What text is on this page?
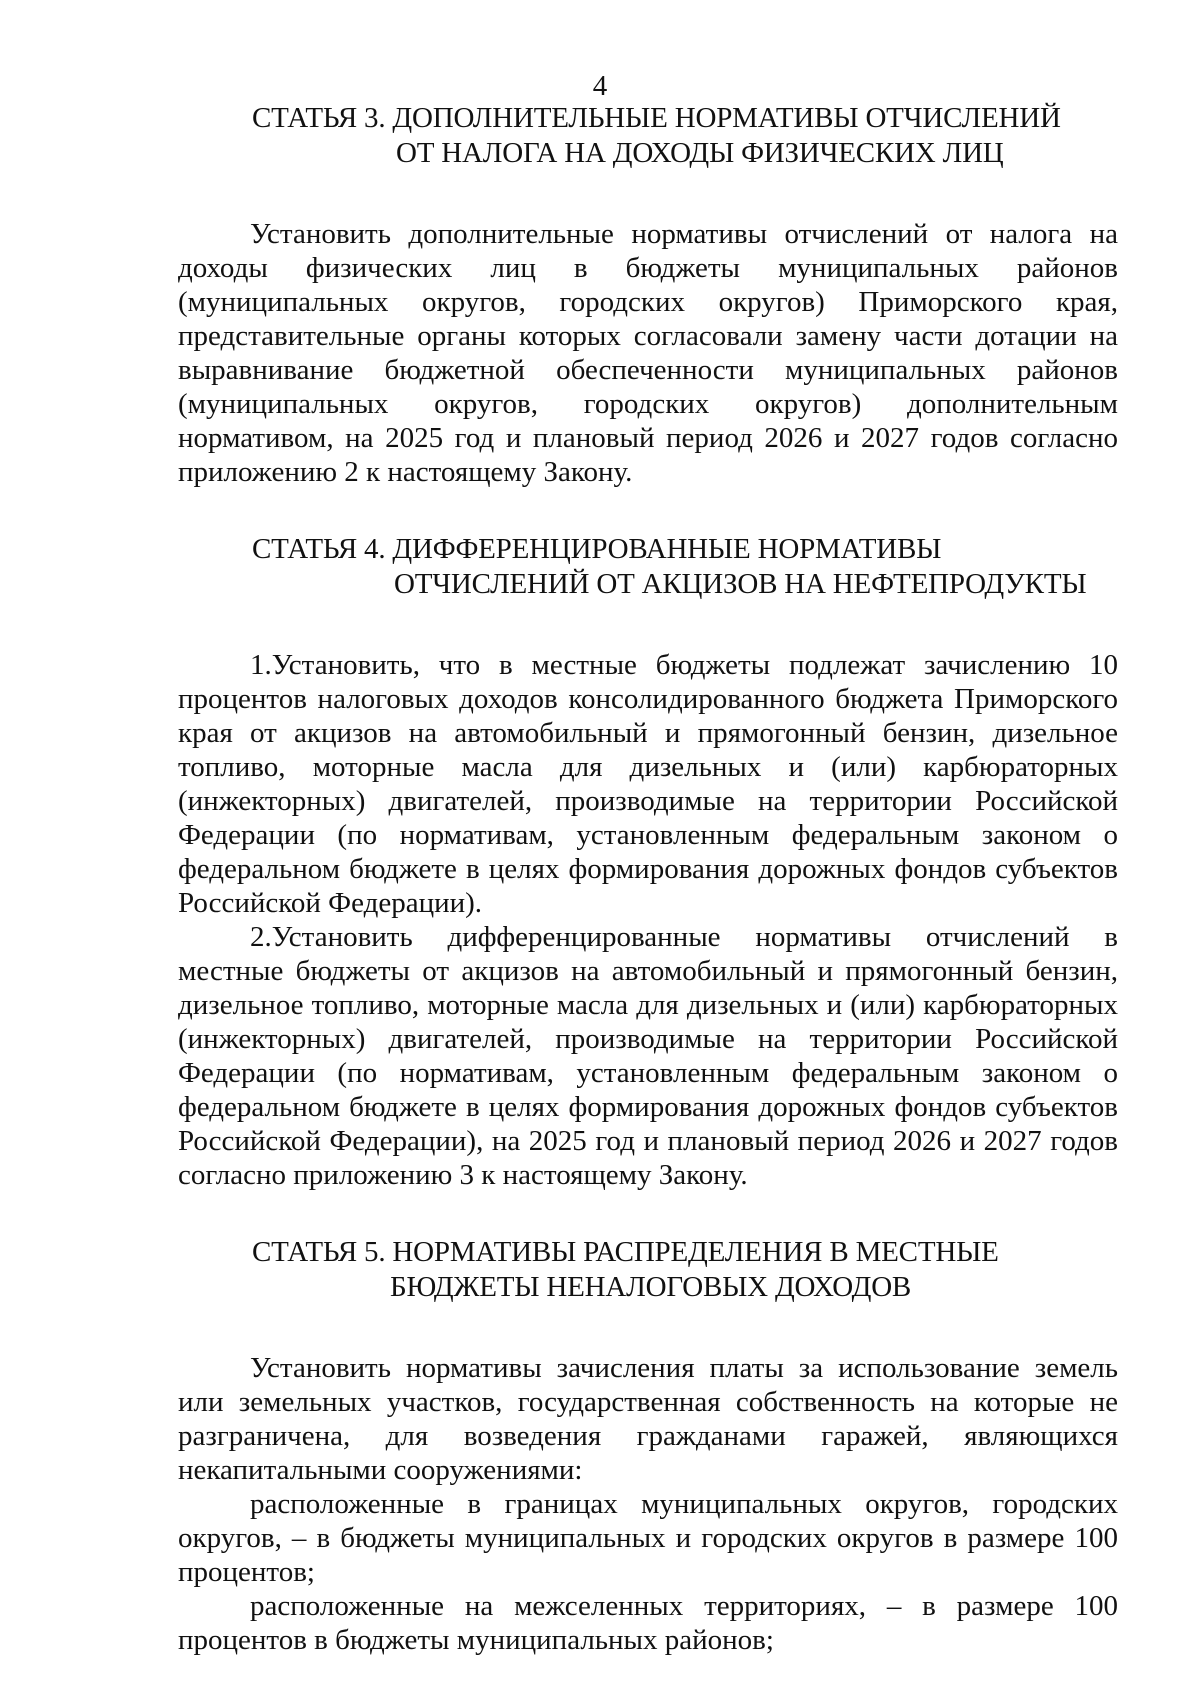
4
СТАТЬЯ 3. ДОПОЛНИТЕЛЬНЫЕ НОРМАТИВЫ ОТЧИСЛЕНИЙ
ОТ НАЛОГА НА ДОХОДЫ ФИЗИЧЕСКИХ ЛИЦ

Установить дополнительные нормативы отчислений от налога на доходы физических лиц в бюджеты муниципальных районов (муниципальных округов, городских округов) Приморского края, представительные органы которых согласовали замену части дотации на выравнивание бюджетной обеспеченности муниципальных районов (муниципальных округов, городских округов) дополнительным нормативом, на 2025 год и плановый период 2026 и 2027 годов согласно приложению 2 к настоящему Закону.

СТАТЬЯ 4. ДИФФЕРЕНЦИРОВАННЫЕ НОРМАТИВЫ
ОТЧИСЛЕНИЙ ОТ АКЦИЗОВ НА НЕФТЕПРОДУКТЫ

1.Установить, что в местные бюджеты подлежат зачислению 10 процентов налоговых доходов консолидированного бюджета Приморского края от акцизов на автомобильный и прямогонный бензин, дизельное топливо, моторные масла для дизельных и (или) карбюраторных (инжекторных) двигателей, производимые на территории Российской Федерации (по нормативам, установленным федеральным законом о федеральном бюджете в целях формирования дорожных фондов субъектов Российской Федерации).

2.Установить дифференцированные нормативы отчислений в местные бюджеты от акцизов на автомобильный и прямогонный бензин, дизельное топливо, моторные масла для дизельных и (или) карбюраторных (инжекторных) двигателей, производимые на территории Российской Федерации (по нормативам, установленным федеральным законом о федеральном бюджете в целях формирования дорожных фондов субъектов Российской Федерации), на 2025 год и плановый период 2026 и 2027 годов согласно приложению 3 к настоящему Закону.

СТАТЬЯ 5. НОРМАТИВЫ РАСПРЕДЕЛЕНИЯ В МЕСТНЫЕ
БЮДЖЕТЫ НЕНАЛОГОВЫХ ДОХОДОВ

Установить нормативы зачисления платы за использование земель или земельных участков, государственная собственность на которые не разграничена, для возведения гражданами гаражей, являющихся некапитальными сооружениями:

расположенные в границах муниципальных округов, городских округов, – в бюджеты муниципальных и городских округов в размере 100 процентов;

расположенные на межселенных территориях, – в размере 100 процентов в бюджеты муниципальных районов;
